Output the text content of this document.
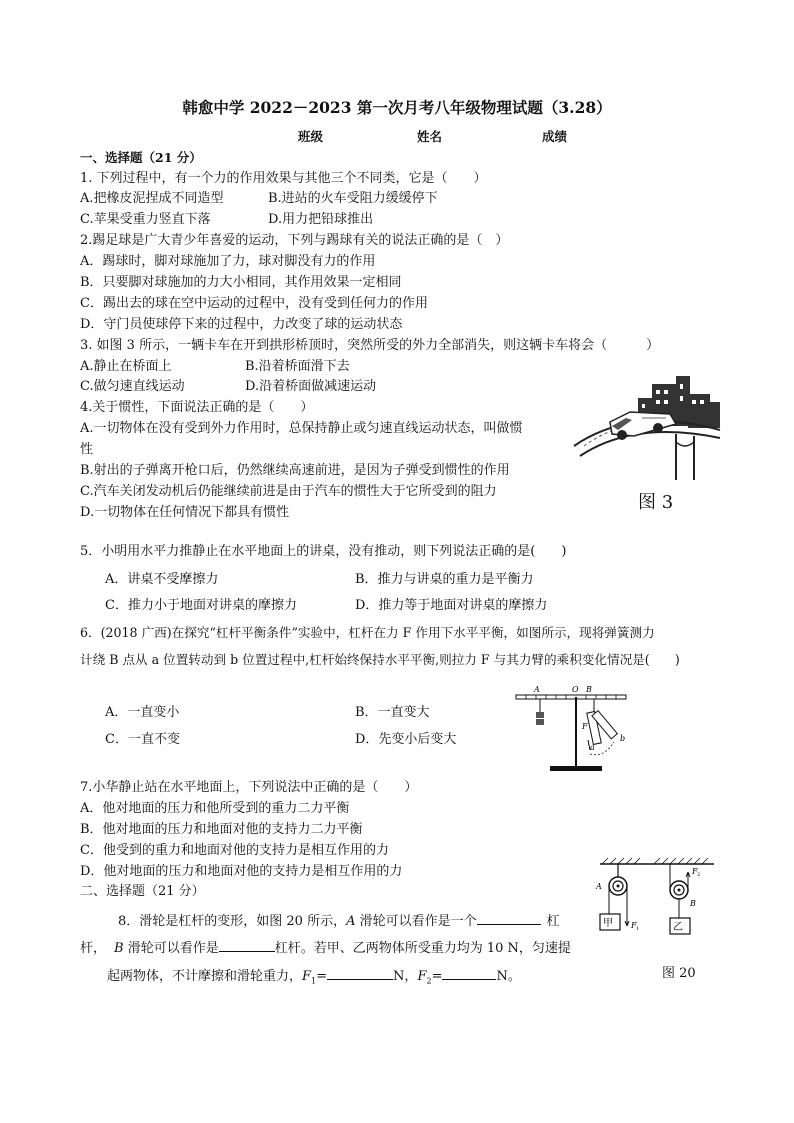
韩愈中学 2022－2023 第一次月考八年级物理试题（3.28）
班级	姓名	成绩
一、选择题（21 分）
1. 下列过程中，有一个力的作用效果与其他三个不同类，它是（　　）
A.把橡皮泥捏成不同造型	B.进站的火车受阻力缓缓停下
C.苹果受重力竖直下落	D.用力把铅球推出
2.踢足球是广大青少年喜爱的运动，下列与踢球有关的说法正确的是（　）
A．踢球时，脚对球施加了力，球对脚没有力的作用
B．只要脚对球施加的力大小相同，其作用效果一定相同
C．踢出去的球在空中运动的过程中，没有受到任何力的作用
D．守门员使球停下来的过程中，力改变了球的运动状态
3. 如图 3 所示，一辆卡车在开到拱形桥顶时，突然所受的外力全部消失，则这辆卡车将会（　　　）
A.静止在桥面上	B.沿着桥面滑下去
C.做匀速直线运动	D.沿着桥面做减速运动
4.关于惯性，下面说法正确的是（　　）
A.一切物体在没有受到外力作用时，总保持静止或匀速直线运动状态，叫做惯
性
B.射出的子弹离开枪口后，仍然继续高速前进，是因为子弹受到惯性的作用
C.汽车关闭发动机后仍能继续前进是由于汽车的惯性大于它所受到的阻力
D.一切物体在任何情况下都具有惯性	图 3
5．小明用水平力推静止在水平地面上的讲桌，没有推动，则下列说法正确的是(　　)
A．讲桌不受摩擦力	B．推力与讲桌的重力是平衡力
C．推力小于地面对讲桌的摩擦力	D．推力等于地面对讲桌的摩擦力
6．(2018 广西)在探究“杠杆平衡条件”实验中，杠杆在力 F 作用下水平平衡，如图所示，现将弹簧测力
计绕 B 点从 a 位置转动到 b 位置过程中,杠杆始终保持水平平衡,则拉力 F 与其力臂的乘积变化情况是(　　)
A．一直变小	B．一直变大
C．一直不变	D．先变小后变大
A	O B
F
a
b
7.小华静止站在水平地面上，下列说法中正确的是（　　）
A．他对地面的压力和他所受到的重力二力平衡
B．他对地面的压力和地面对他的支持力二力平衡
C．他受到的重力和地面对他的支持力是相互作用的力
D．他对地面的压力和地面对他的支持力是相互作用的力
二、选择题（21 分）
8．滑轮是杠杆的变形，如图 20 所示，A 滑轮可以看作是一个	杠
杆， B 滑轮可以看作是	杠杆。若甲、乙两物体所受重力均为 10 N，匀速提
起两物体，不计摩擦和滑轮重力，$F_1=$	N，$F_2=$	N。
A
B
F 1
F 2
甲	乙
图 20
